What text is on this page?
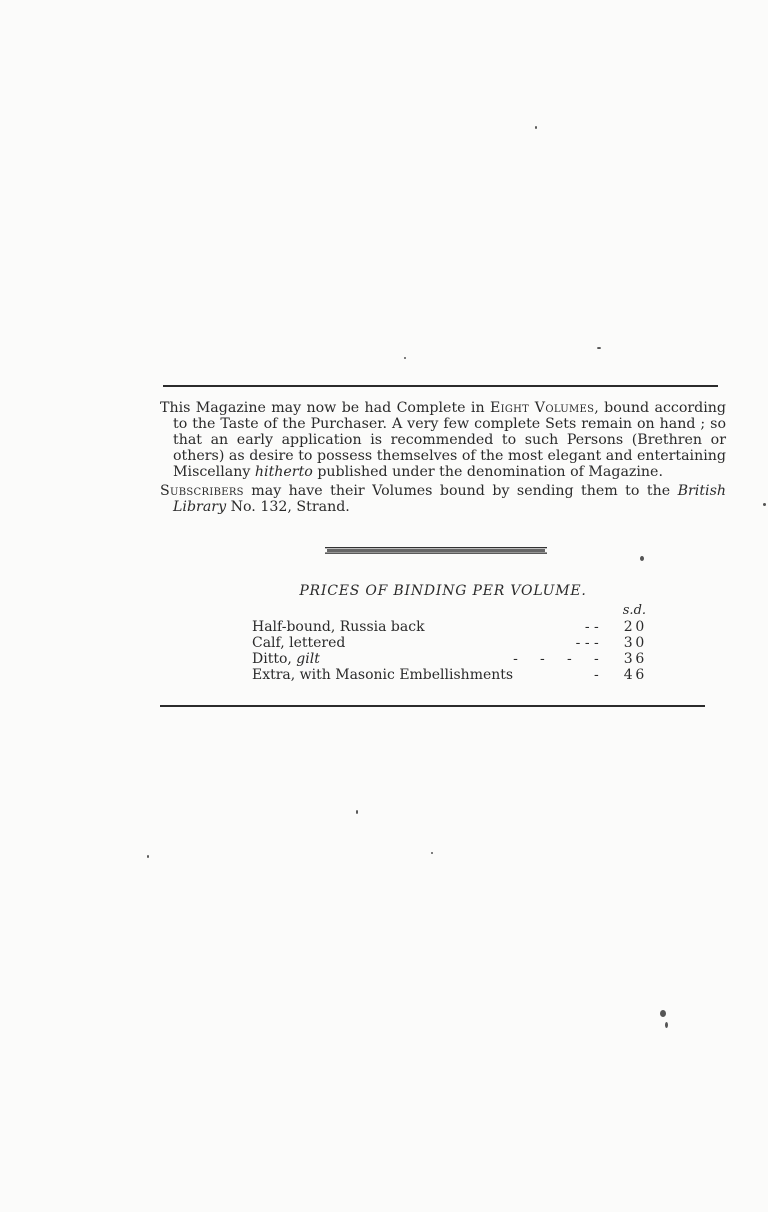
This Magazine may now be had Complete in Eight Volumes, bound according to the Taste of the Purchaser. A very few complete Sets remain on hand ; so that an early application is recommended to such Persons (Brethren or others) as desire to possess themselves of the most elegant and entertaining Miscellany hitherto published under the denomination of Magazine.

Subscribers may have their Volumes bound by sending them to the British Library No. 132, Strand.

PRICES OF BINDING PER VOLUME.
		s.	d.
Half-bound, Russia back	- -	2	0
Calf, lettered	- - -	3	0
Ditto, gilt	-     -     -     -	3	6
Extra, with Masonic Embellishments	-	4	6
